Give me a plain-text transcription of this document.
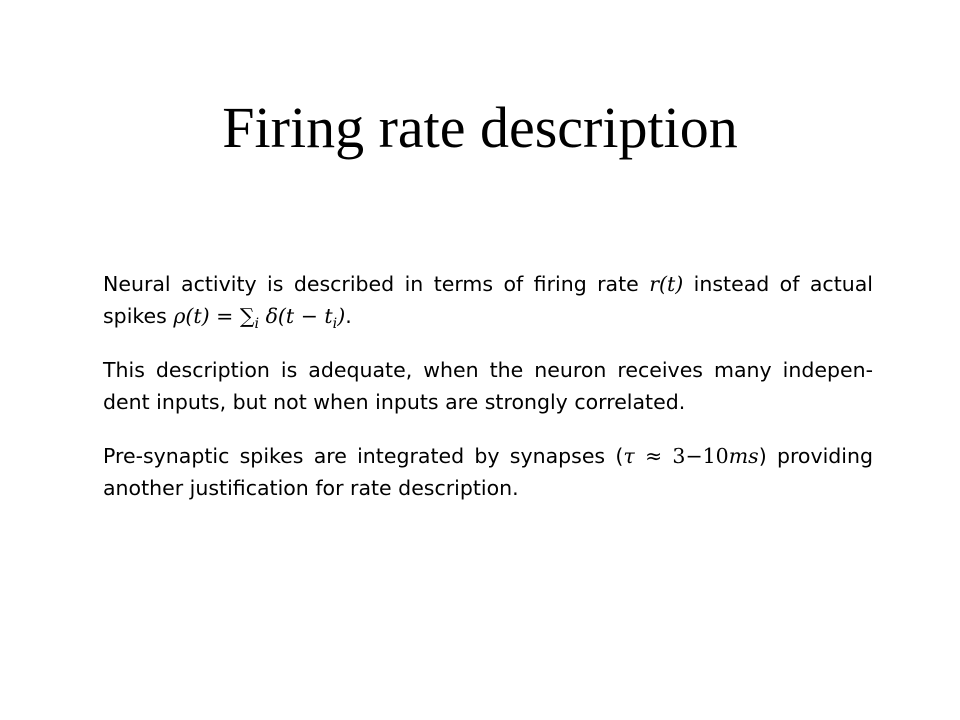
Firing rate description

Neural activity is described in terms of firing rate r(t) instead of actual spikes $\rho(t) = \sum_i$ $\delta(t - t_i)$.

This description is adequate, when the neuron receives many indepen-dent inputs, but not when inputs are strongly correlated.

Pre-synaptic spikes are integrated by synapses (τ ≈ 3−10ms) providing another justification for rate description.
